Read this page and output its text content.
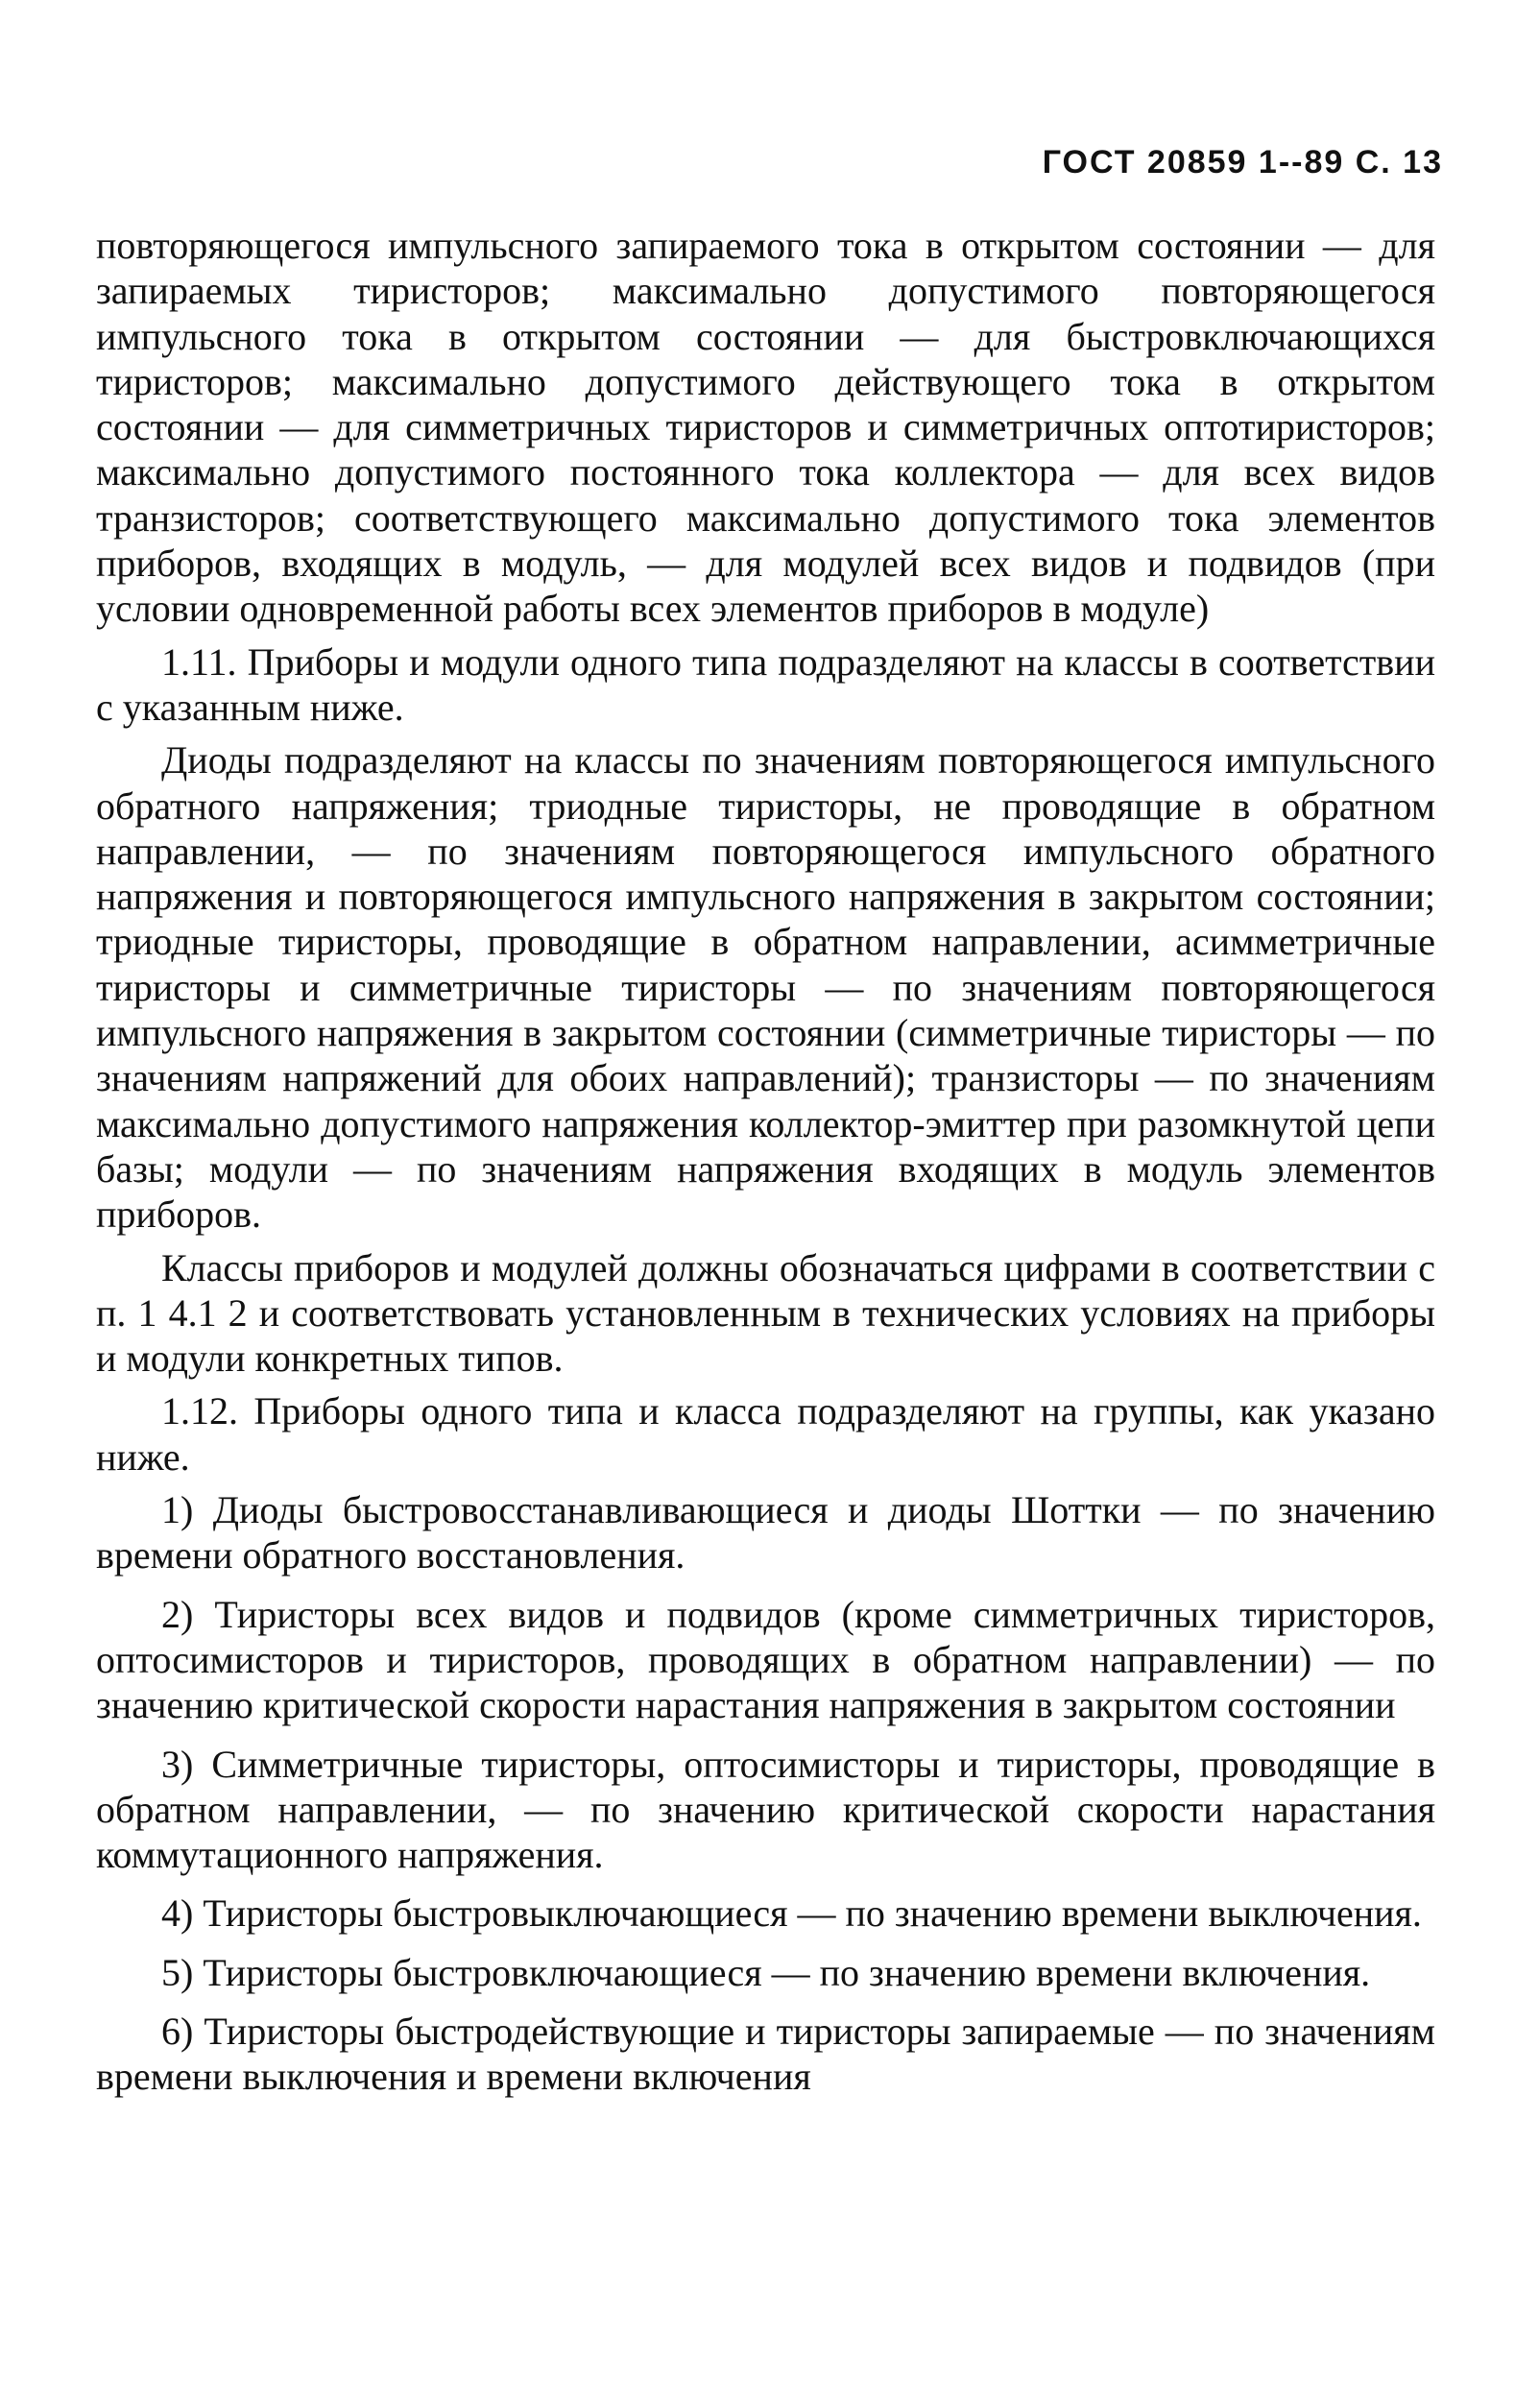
ГОСТ 20859 1--89 С. 13

повторяющегося импульсного запираемого тока в открытом состоянии — для запираемых тиристоров; максимально допустимого повторяющегося импульсного тока в открытом состоянии — для быстровключающихся тиристоров; максимально допустимого действующего тока в открытом состоянии — для симметричных тиристоров и симметричных оптотиристоров; максимально допустимого постоянного тока коллектора — для всех видов транзисторов; соответствующего максимально допустимого тока элементов приборов, входящих в модуль, — для модулей всех видов и подвидов (при условии одновременной работы всех элементов приборов в модуле)

1.11. Приборы и модули одного типа подразделяют на классы в соответствии с указанным ниже.

Диоды подразделяют на классы по значениям повторяющегося импульсного обратного напряжения; триодные тиристоры, не проводящие в обратном направлении, — по значениям повторяющегося импульсного обратного напряжения и повторяющегося импульсного напряжения в закрытом состоянии; триодные тиристоры, проводящие в обратном направлении, асимметричные тиристоры и симметричные тиристоры — по значениям повторяющегося импульсного напряжения в закрытом состоянии (симметричные тиристоры — по значениям напряжений для обоих направлений); транзисторы — по значениям максимально допустимого напряжения коллектор-эмиттер при разомкнутой цепи базы; модули — по значениям напряжения входящих в модуль элементов приборов.

Классы приборов и модулей должны обозначаться цифрами в соответствии с п. 1 4.1 2 и соответствовать установленным в технических условиях на приборы и модули конкретных типов.

1.12. Приборы одного типа и класса подразделяют на группы, как указано ниже.

1) Диоды быстровосстанавливающиеся и диоды Шоттки — по значению времени обратного восстановления.

2) Тиристоры всех видов и подвидов (кроме симметричных тиристоров, оптосимисторов и тиристоров, проводящих в обратном направлении) — по значению критической скорости нарастания напряжения в закрытом состоянии

3) Симметричные тиристоры, оптосимисторы и тиристоры, проводящие в обратном направлении, — по значению критической скорости нарастания коммутационного напряжения.

4) Тиристоры быстровыключающиеся — по значению времени выключения.

5) Тиристоры быстровключающиеся — по значению времени включения.

6) Тиристоры быстродействующие и тиристоры запираемые — по значениям времени выключения и времени включения
